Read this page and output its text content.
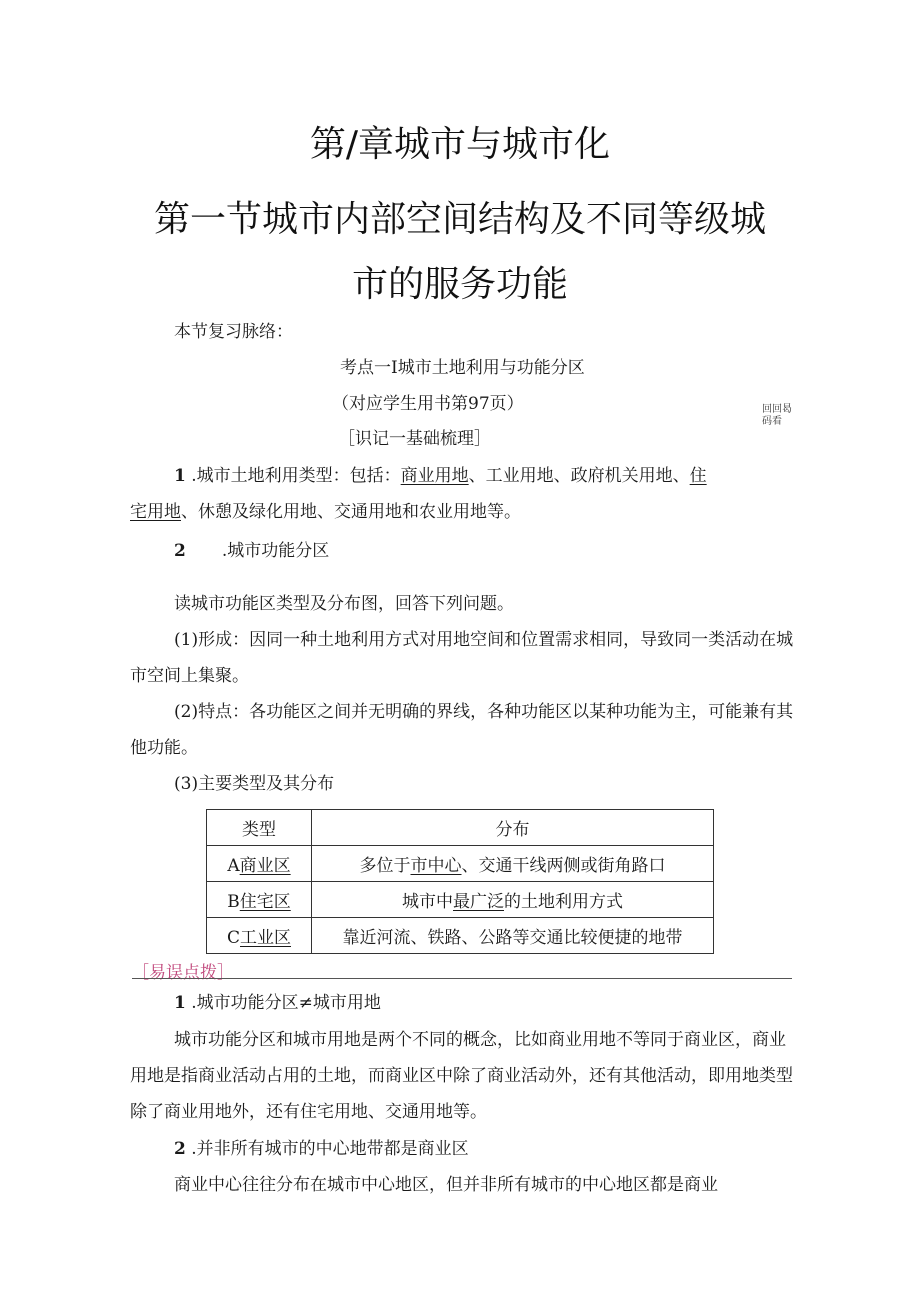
第/章城市与城市化
第一节城市内部空间结构及不同等级城
市的服务功能
本节复习脉络：
考点一I城市土地利用与功能分区
（对应学生用书第97页）
［识记一基础梳理］
回回曷码看
1 .城市土地利用类型：包括：商业用地、工业用地、政府机关用地、住
宅用地、休憩及绿化用地、交通用地和农业用地等。
2 .城市功能分区
读城市功能区类型及分布图，回答下列问题。
(1)形成：因同一种土地利用方式对用地空间和位置需求相同，导致同一类活动在城
市空间上集聚。
(2)特点：各功能区之间并无明确的界线，各种功能区以某种功能为主，可能兼有其
他功能。
(3)主要类型及其分布
类型	分布
A商业区	多位于市中心、交通干线两侧或街角路口
B住宅区	城市中最广泛的土地利用方式
C工业区	靠近河流、铁路、公路等交通比较便捷的地带
［易误点拨］
1 .城市功能分区≠城市用地
城市功能分区和城市用地是两个不同的概念，比如商业用地不等同于商业区，商业
用地是指商业活动占用的土地，而商业区中除了商业活动外，还有其他活动，即用地类型
除了商业用地外，还有住宅用地、交通用地等。
2 .并非所有城市的中心地带都是商业区
商业中心往往分布在城市中心地区，但并非所有城市的中心地区都是商业
